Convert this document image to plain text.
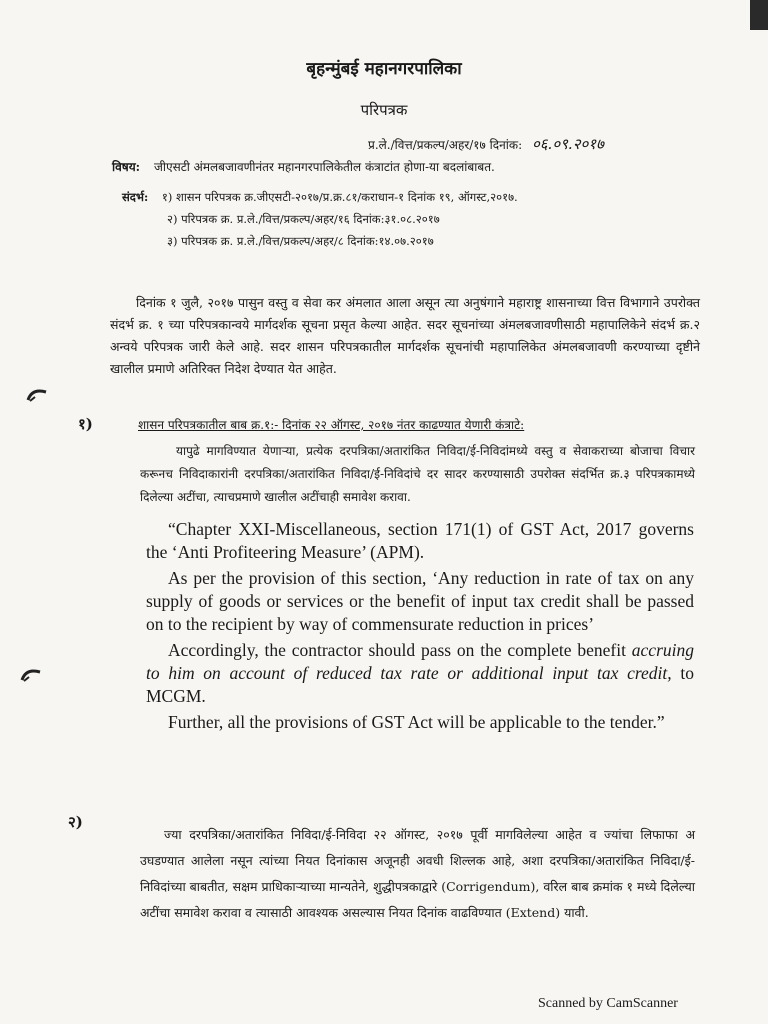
बृहन्मुंबई महानगरपालिका
परिपत्रक
प्र.ले./वित्त/प्रकल्प/अहर/१७ दिनांक: ०६.०९.२०१७
विषय: जीएसटी अंमलबजावणीनंतर महानगरपालिकेतील कंत्राटांत होणा-या बदलांबाबत.
संदर्भ: १) शासन परिपत्रक क्र.जीएसटी-२०१७/प्र.क्र.८१/कराधान-१ दिनांक १९, ऑगस्ट,२०१७.
२) परिपत्रक क्र. प्र.ले./वित्त/प्रकल्प/अहर/१६ दिनांक:३१.०८.२०१७
३) परिपत्रक क्र. प्र.ले./वित्त/प्रकल्प/अहर/८ दिनांक:१४.०७.२०१७
दिनांक १ जुलै, २०१७ पासुन वस्तु व सेवा कर अंमलात आला असून त्या अनुषंगाने महाराष्ट्र शासनाच्या वित्त विभागाने उपरोक्त संदर्भ क्र. १ च्या परिपत्रकान्वये मार्गदर्शक सूचना प्रसृत केल्या आहेत. सदर सूचनांच्या अंमलबजावणीसाठी महापालिकेने संदर्भ क्र.२ अन्वये परिपत्रक जारी केले आहे. सदर शासन परिपत्रकातील मार्गदर्शक सूचनांची महापालिकेत अंमलबजावणी करण्याच्या दृष्टीने खालील प्रमाणे अतिरिक्त निदेश देण्यात येत आहेत.
१)	शासन परिपत्रकातील बाब क्र.१:- दिनांक २२ ऑगस्ट, २०१७ नंतर काढण्यात येणारी कंत्राटे:
यापुढे मागविण्यात येणाऱ्या, प्रत्येक दरपत्रिका/अतारांकित निविदा/ई-निविदांमध्ये वस्तु व सेवाकराच्या बोजाचा विचार करूनच निविदाकारांनी दरपत्रिका/अतारांकित निविदा/ई-निविदांचे दर सादर करण्यासाठी उपरोक्त संदर्भित क्र.३ परिपत्रकामध्ये दिलेल्या अटींचा, त्याचप्रमाणे खालील अटींचाही समावेश करावा.

“Chapter XXI-Miscellaneous, section 171(1) of GST Act, 2017 governs the ‘Anti Profiteering Measure’ (APM).

As per the provision of this section, ‘Any reduction in rate of tax on any supply of goods or services or the benefit of input tax credit shall be passed on to the recipient by way of commensurate reduction in prices’

Accordingly, the contractor should pass on the complete benefit accruing to him on account of reduced tax rate or additional input tax credit, to MCGM.

Further, all the provisions of GST Act will be applicable to the tender.”

२)
ज्या दरपत्रिका/अतारांकित निविदा/ई-निविदा २२ ऑगस्ट, २०१७ पूर्वी मागविलेल्या आहेत व ज्यांचा लिफाफा अ उघडण्यात आलेला नसून त्यांच्या नियत दिनांकास अजूनही अवधी शिल्लक आहे, अशा दरपत्रिका/अतारांकित निविदा/ई-निविदांच्या बाबतीत, सक्षम प्राधिकाऱ्याच्या मान्यतेने, शुद्धीपत्रकाद्वारे (Corrigendum), वरिल बाब क्रमांक १ मध्ये दिलेल्या अटींचा समावेश करावा व त्यासाठी आवश्यक असल्यास नियत दिनांक वाढविण्यात (Extend) यावी.
Scanned by CamScanner
